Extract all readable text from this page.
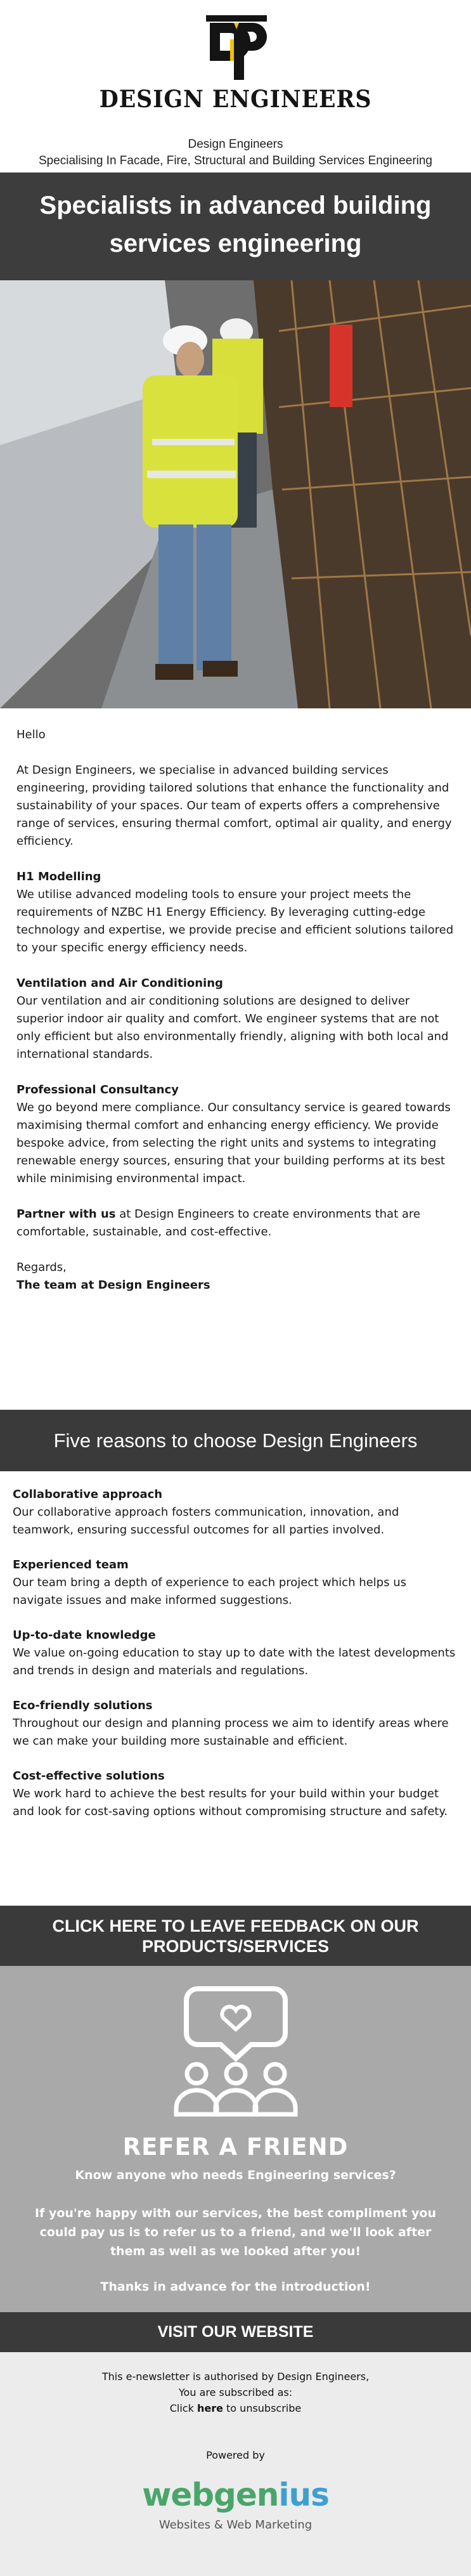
DESIGN ENGINEERS
Design Engineers
Specialising In Facade, Fire, Structural and Building Services Engineering
Specialists in advanced building services engineering

Hello

At Design Engineers, we specialise in advanced building services engineering, providing tailored solutions that enhance the functionality and sustainability of your spaces. Our team of experts offers a comprehensive range of services, ensuring thermal comfort, optimal air quality, and energy efficiency.

H1 Modelling
We utilise advanced modeling tools to ensure your project meets the requirements of NZBC H1 Energy Efficiency. By leveraging cutting-edge technology and expertise, we provide precise and efficient solutions tailored to your specific energy efficiency needs.

Ventilation and Air Conditioning
Our ventilation and air conditioning solutions are designed to deliver superior indoor air quality and comfort. We engineer systems that are not only efficient but also environmentally friendly, aligning with both local and international standards.

Professional Consultancy
We go beyond mere compliance. Our consultancy service is geared towards maximising thermal comfort and enhancing energy efficiency. We provide bespoke advice, from selecting the right units and systems to integrating renewable energy sources, ensuring that your building performs at its best while minimising environmental impact.

Partner with us at Design Engineers to create environments that are comfortable, sustainable, and cost-effective.

Regards,
The team at Design Engineers

Five reasons to choose Design Engineers
Collaborative approach
Our collaborative approach fosters communication, innovation, and teamwork, ensuring successful outcomes for all parties involved.
Experienced team
Our team bring a depth of experience to each project which helps us navigate issues and make informed suggestions.
Up-to-date knowledge
We value on-going education to stay up to date with the latest developments and trends in design and materials and regulations.
Eco-friendly solutions
Throughout our design and planning process we aim to identify areas where we can make your building more sustainable and efficient.
Cost-effective solutions
We work hard to achieve the best results for your build within your budget and look for cost-saving options without compromising structure and safety.
CLICK HERE TO LEAVE FEEDBACK ON OUR PRODUCTS/SERVICES
REFER A FRIEND
Know anyone who needs Engineering services?
If you're happy with our services, the best compliment you could pay us is to refer us to a friend, and we'll look after them as well as we looked after you!
Thanks in advance for the introduction!
VISIT OUR WEBSITE
This e-newsletter is authorised by Design Engineers,
You are subscribed as:
Click here to unsubscribe
Powered by
webgenius
Websites & Web Marketing
